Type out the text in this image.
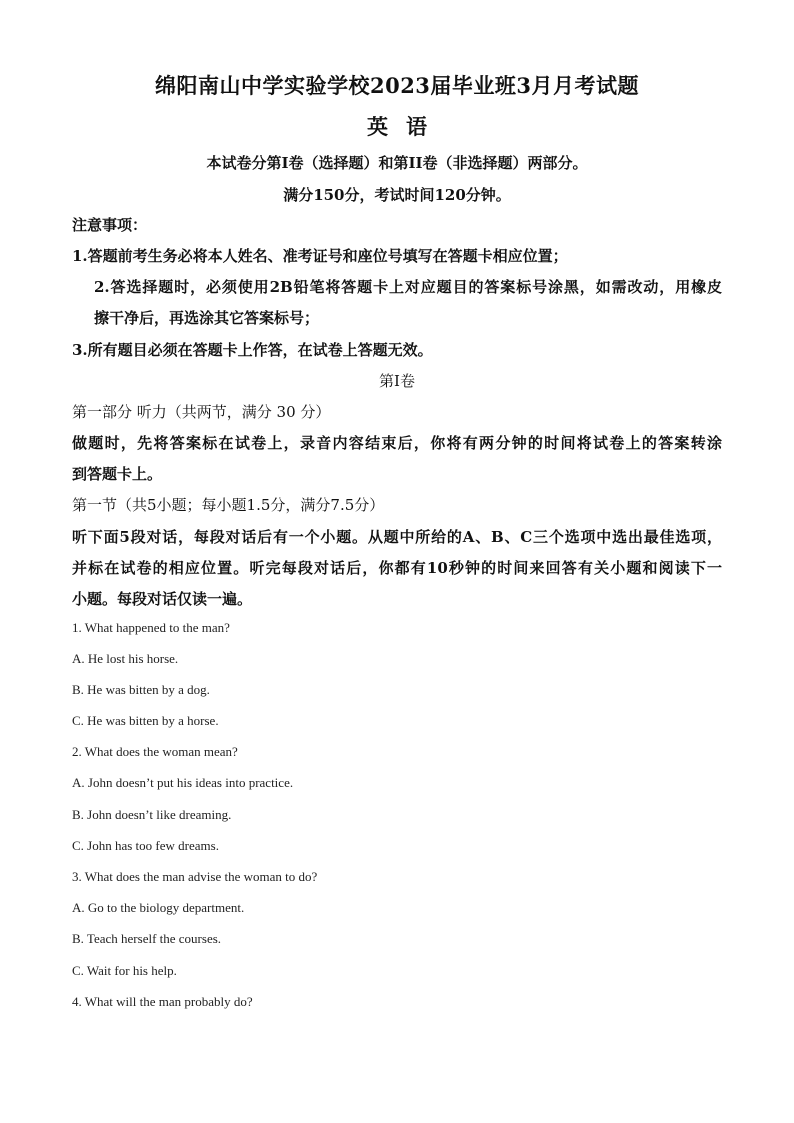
绵阳南山中学实验学校2023届毕业班3月月考试题
英语
本试卷分第I卷（选择题）和第II卷（非选择题）两部分。
满分150分，考试时间120分钟。
注意事项：
1.答题前考生务必将本人姓名、准考证号和座位号填写在答题卡相应位置；
2.答选择题时，必须使用2B铅笔将答题卡上对应题目的答案标号涂黑，如需改动，用橡皮
擦干净后，再选涂其它答案标号；
3.所有题目必须在答题卡上作答，在试卷上答题无效。
第I卷
第一部分 听力（共两节，满分 30 分）
做题时，先将答案标在试卷上，录音内容结束后，你将有两分钟的时间将试卷上的答案转涂
到答题卡上。
第一节（共5小题；每小题1.5分，满分7.5分）
听下面5段对话，每段对话后有一个小题。从题中所给的A、B、C三个选项中选出最佳选项，
并标在试卷的相应位置。听完每段对话后，你都有10秒钟的时间来回答有关小题和阅读下一
小题。每段对话仅读一遍。
1. What happened to the man?
A. He lost his horse.
B. He was bitten by a dog.
C. He was bitten by a horse.
2. What does the woman mean?
A. John doesn’t put his ideas into practice.
B. John doesn’t like dreaming.
C. John has too few dreams.
3. What does the man advise the woman to do?
A. Go to the biology department.
B. Teach herself the courses.
C. Wait for his help.
4. What will the man probably do?
